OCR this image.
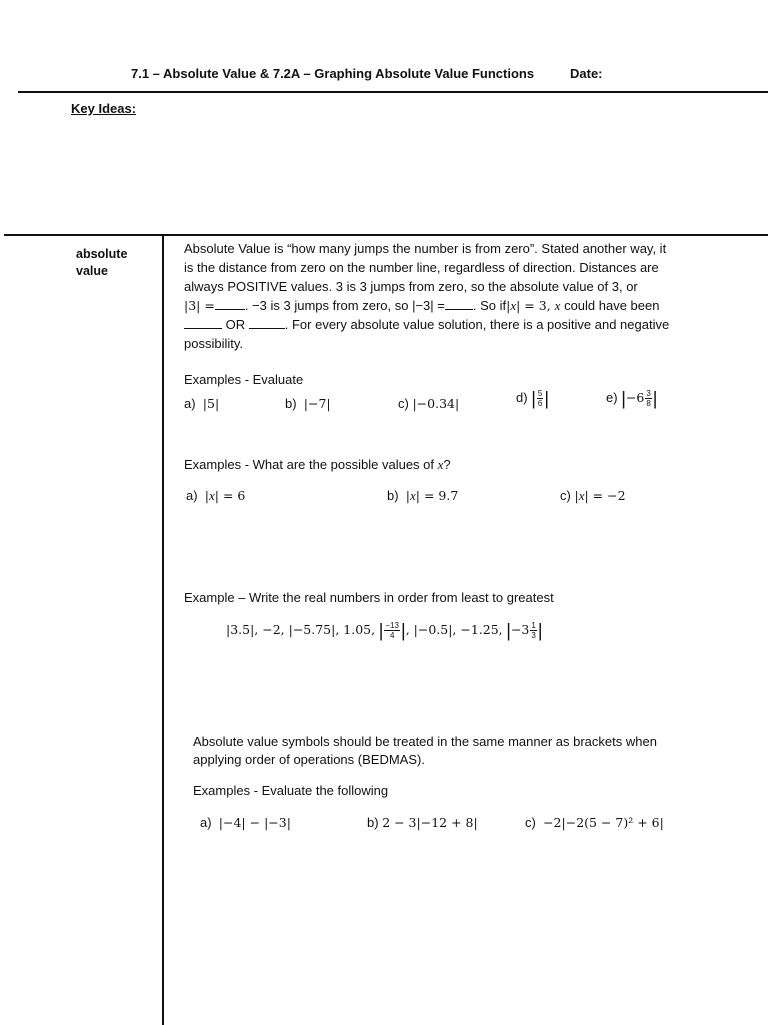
7.1 – Absolute Value & 7.2A – Graphing Absolute Value Functions	Date:
Key Ideas:
absolute value

Absolute Value is “how many jumps the number is from zero”. Stated another way, it

is the distance from zero on the number line, regardless of direction. Distances are

always POSITIVE values. 3 is 3 jumps from zero, so the absolute value of 3, or

|3| = . −3 is 3 jumps from zero, so |−3| = . So if|x| = 3, x could have been

OR	. For every absolute value solution, there is a positive and negative

possibility.

Examples - Evaluate
a) |5|	b) |−7|	c) |−0.34|	d) | $\frac{5}{6}$ |	e) $|-6 \frac{3}{8}$ |
Examples - What are the possible values of x?
a) |x| = 6	b) |x| = 9.7	c) |x| = −2
Example – Write the real numbers in order from least to greatest
|3.5|, −2, |−5.75|, 1.05, | $\frac{-13}{4}$ |, |−0.5|, −1.25, $|-3 \frac{1}{3}$ |
Absolute value symbols should be treated in the same manner as brackets when
applying order of operations (BEDMAS).
Examples - Evaluate the following
a) |−4| − |−3|	b) 2 − 3|−12 + 8|	c) −2|−2(5 − 7)² + 6|
